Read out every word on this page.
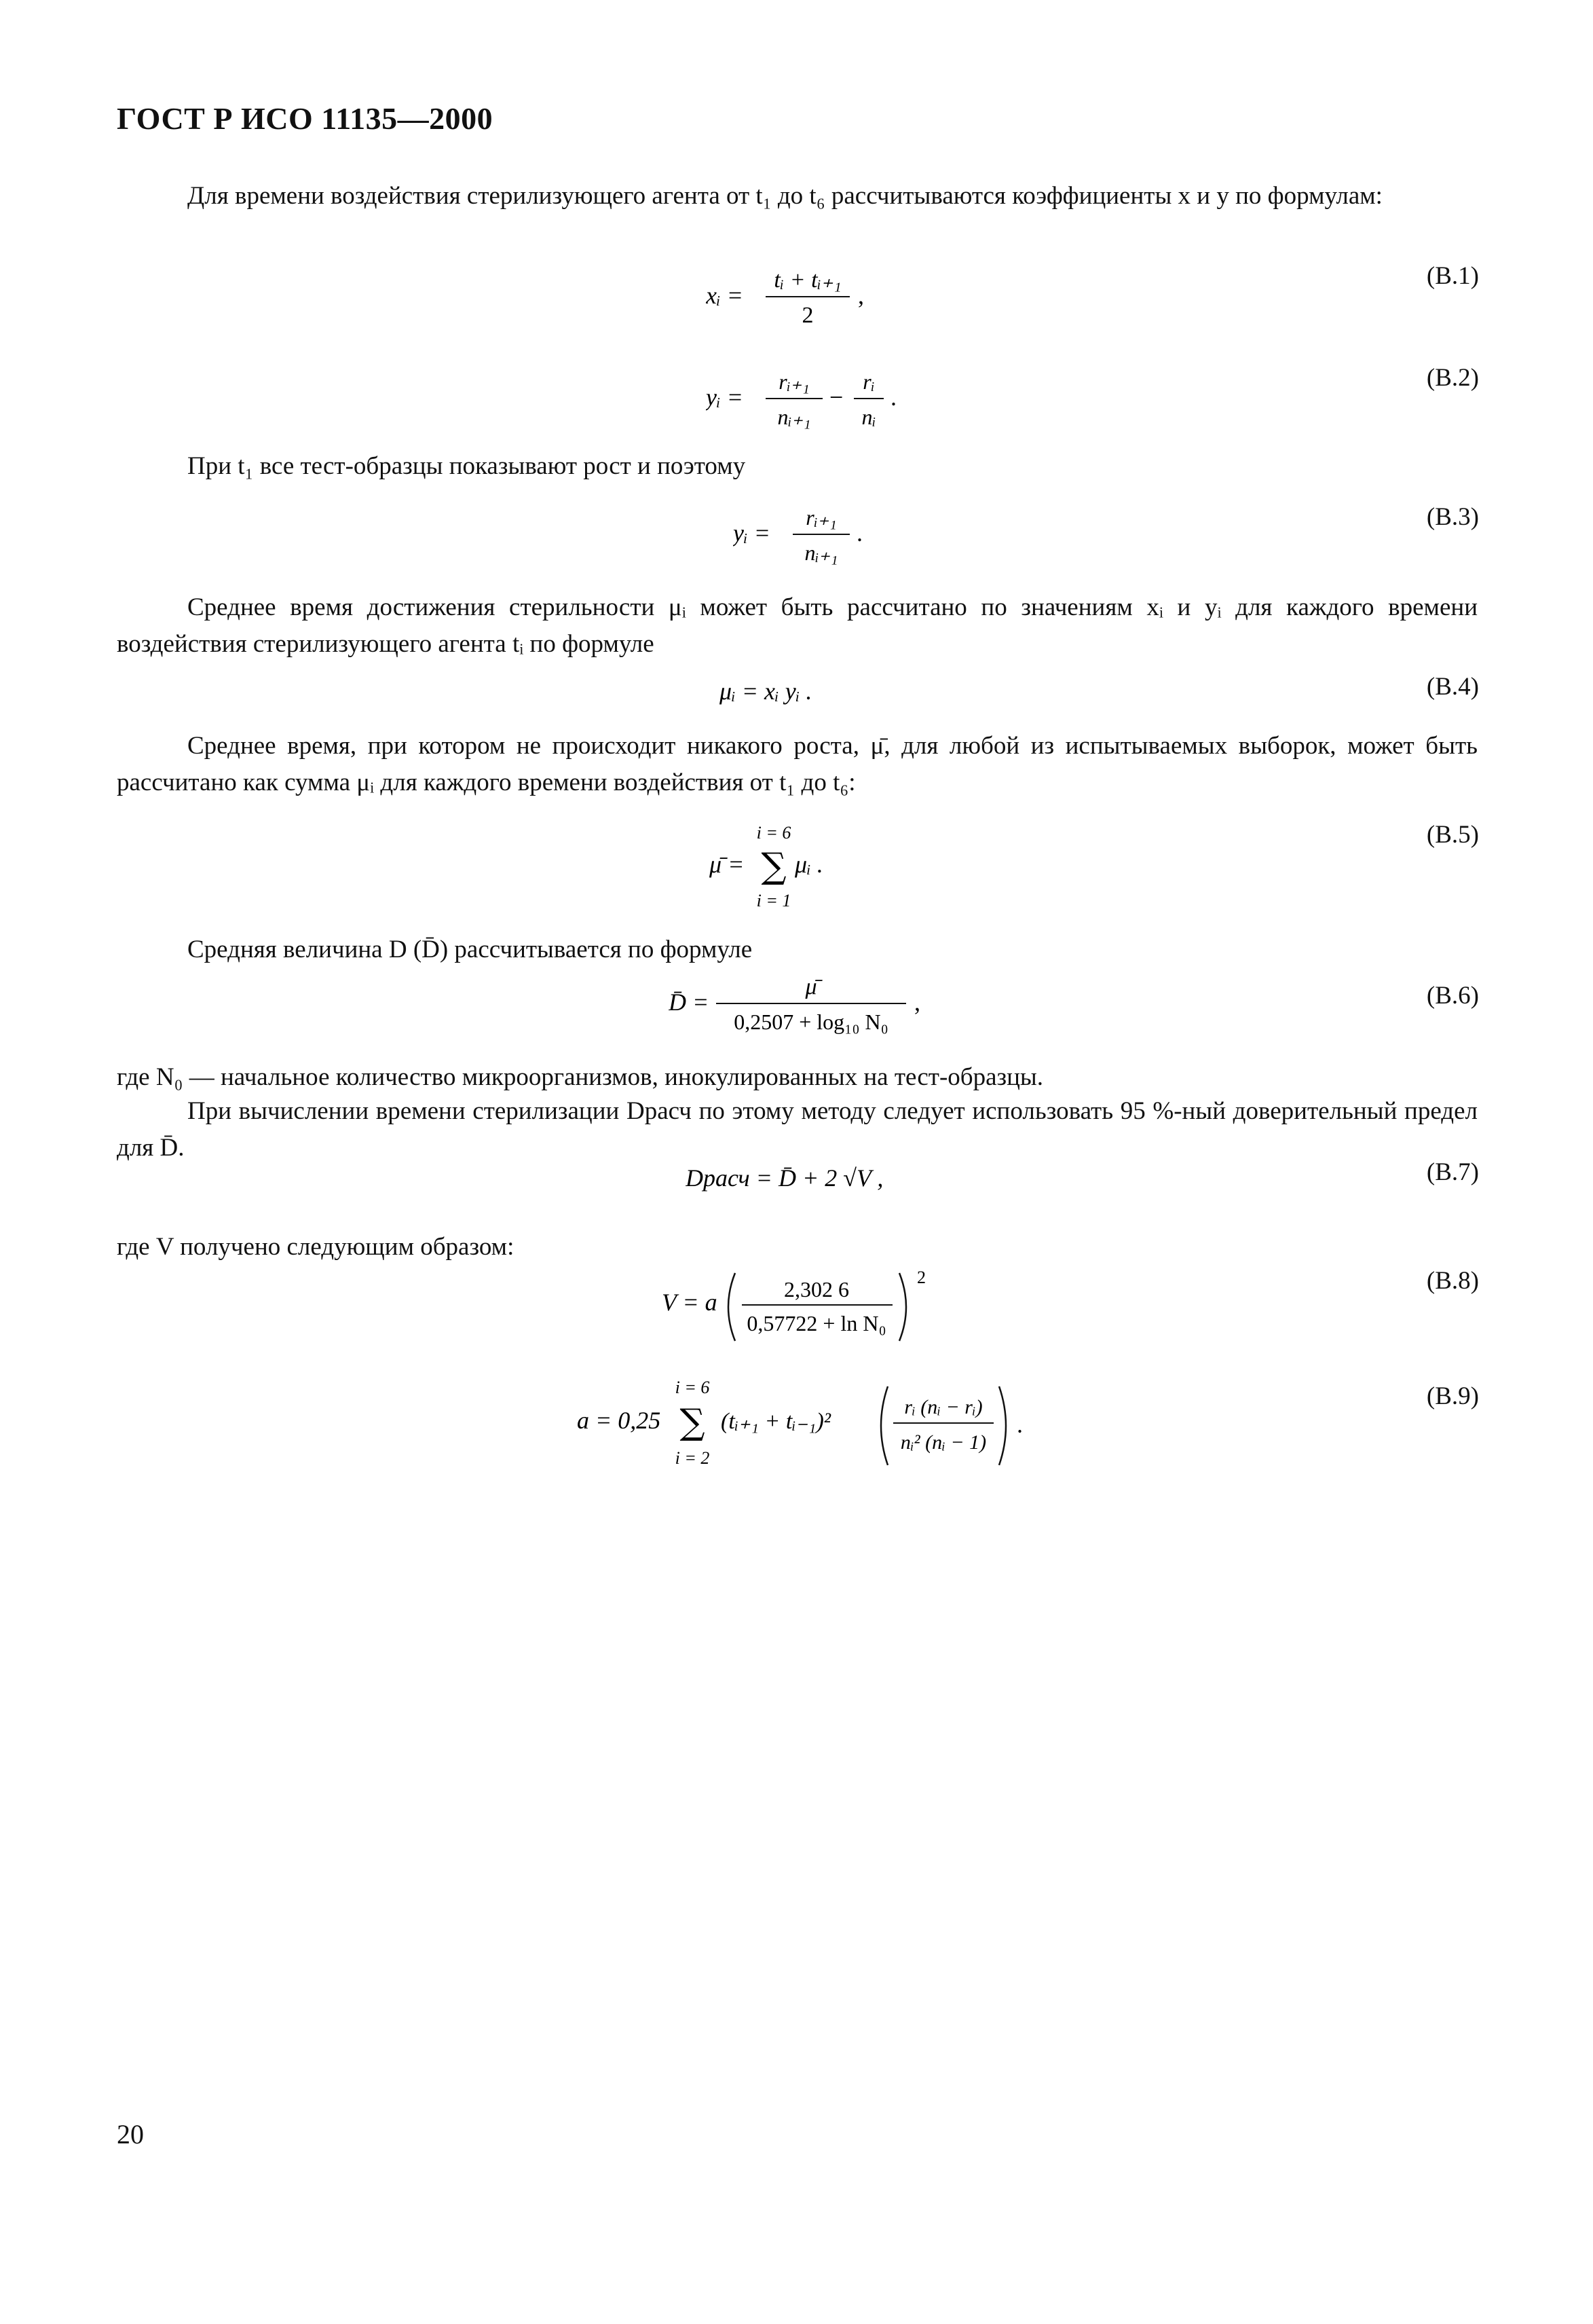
ГОСТ Р ИСО 11135—2000
Для времени воздействия стерилизующего агента от t₁ до t₆ рассчитываются коэффициенты x и y по формулам:
xᵢ =
tᵢ + tᵢ₊₁
2
,
(B.1)
yᵢ =
rᵢ₊₁
nᵢ₊₁
−
rᵢ
nᵢ
.
(B.2)
При t₁ все тест-образцы показывают рост и поэтому
yᵢ =
rᵢ₊₁
nᵢ₊₁
.
(B.3)
Среднее время достижения стерильности μᵢ может быть рассчитано по значениям xᵢ и yᵢ для каждого времени воздействия стерилизующего агента tᵢ по формуле
μᵢ = xᵢ yᵢ .	(B.4)
Среднее время, при котором не происходит никакого роста, μ̄, для любой из испытываемых выборок, может быть рассчитано как сумма μᵢ для каждого времени воздействия от t₁ до t₆:
μ̄ =
i = 6
∑
i = 1
μᵢ .
(B.5)
Средняя величина D (D̄) рассчитывается по формуле
D̄ =
μ̄
0,2507 + log₁₀ N₀
,	(B.6)
где N₀ — начальное количество микроорганизмов, инокулированных на тест-образцы.
При вычислении времени стерилизации Dрасч по этому методу следует использовать 95 %-ный доверительный предел для D̄.
Dрасч = D̄ + 2 √V ,	(B.7)
где V получено следующим образом:
V = a	2,302 6
0,57722 + ln N₀
2	(B.8)
a = 0,25
i = 6
∑
i = 2
(tᵢ₊₁ + tᵢ₋₁)²
rᵢ (nᵢ − rᵢ)
nᵢ² (nᵢ − 1)
.
(B.9)
20
